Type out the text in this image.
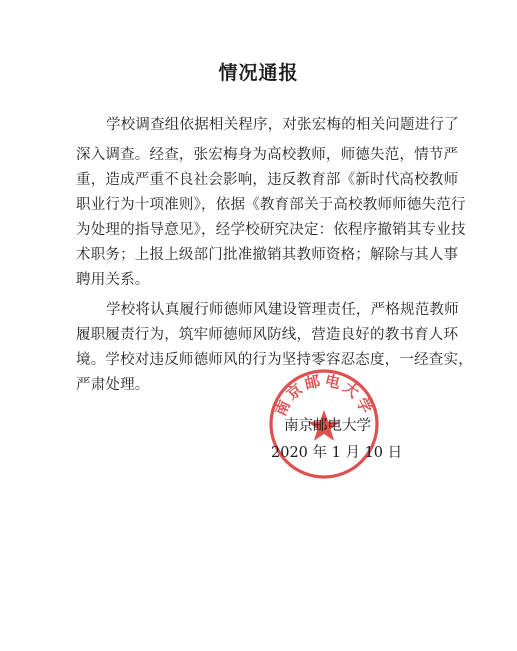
情况通报
学校调查组依据相关程序，对张宏梅的相关问题进行了
深入调查。经查，张宏梅身为高校教师，师德失范，情节严
重，造成严重不良社会影响，违反教育部《新时代高校教师
职业行为十项准则》，依据《教育部关于高校教师师德失范行
为处理的指导意见》，经学校研究决定：依程序撤销其专业技
术职务；上报上级部门批准撤销其教师资格；解除与其人事
聘用关系。
学校将认真履行师德师风建设管理责任，严格规范教师
履职履责行为，筑牢师德师风防线，营造良好的教书育人环
境。学校对违反师德师风的行为坚持零容忍态度，一经查实，
严肃处理。
南京邮电大学
南京邮电大学
2020 年 1 月 10 日
